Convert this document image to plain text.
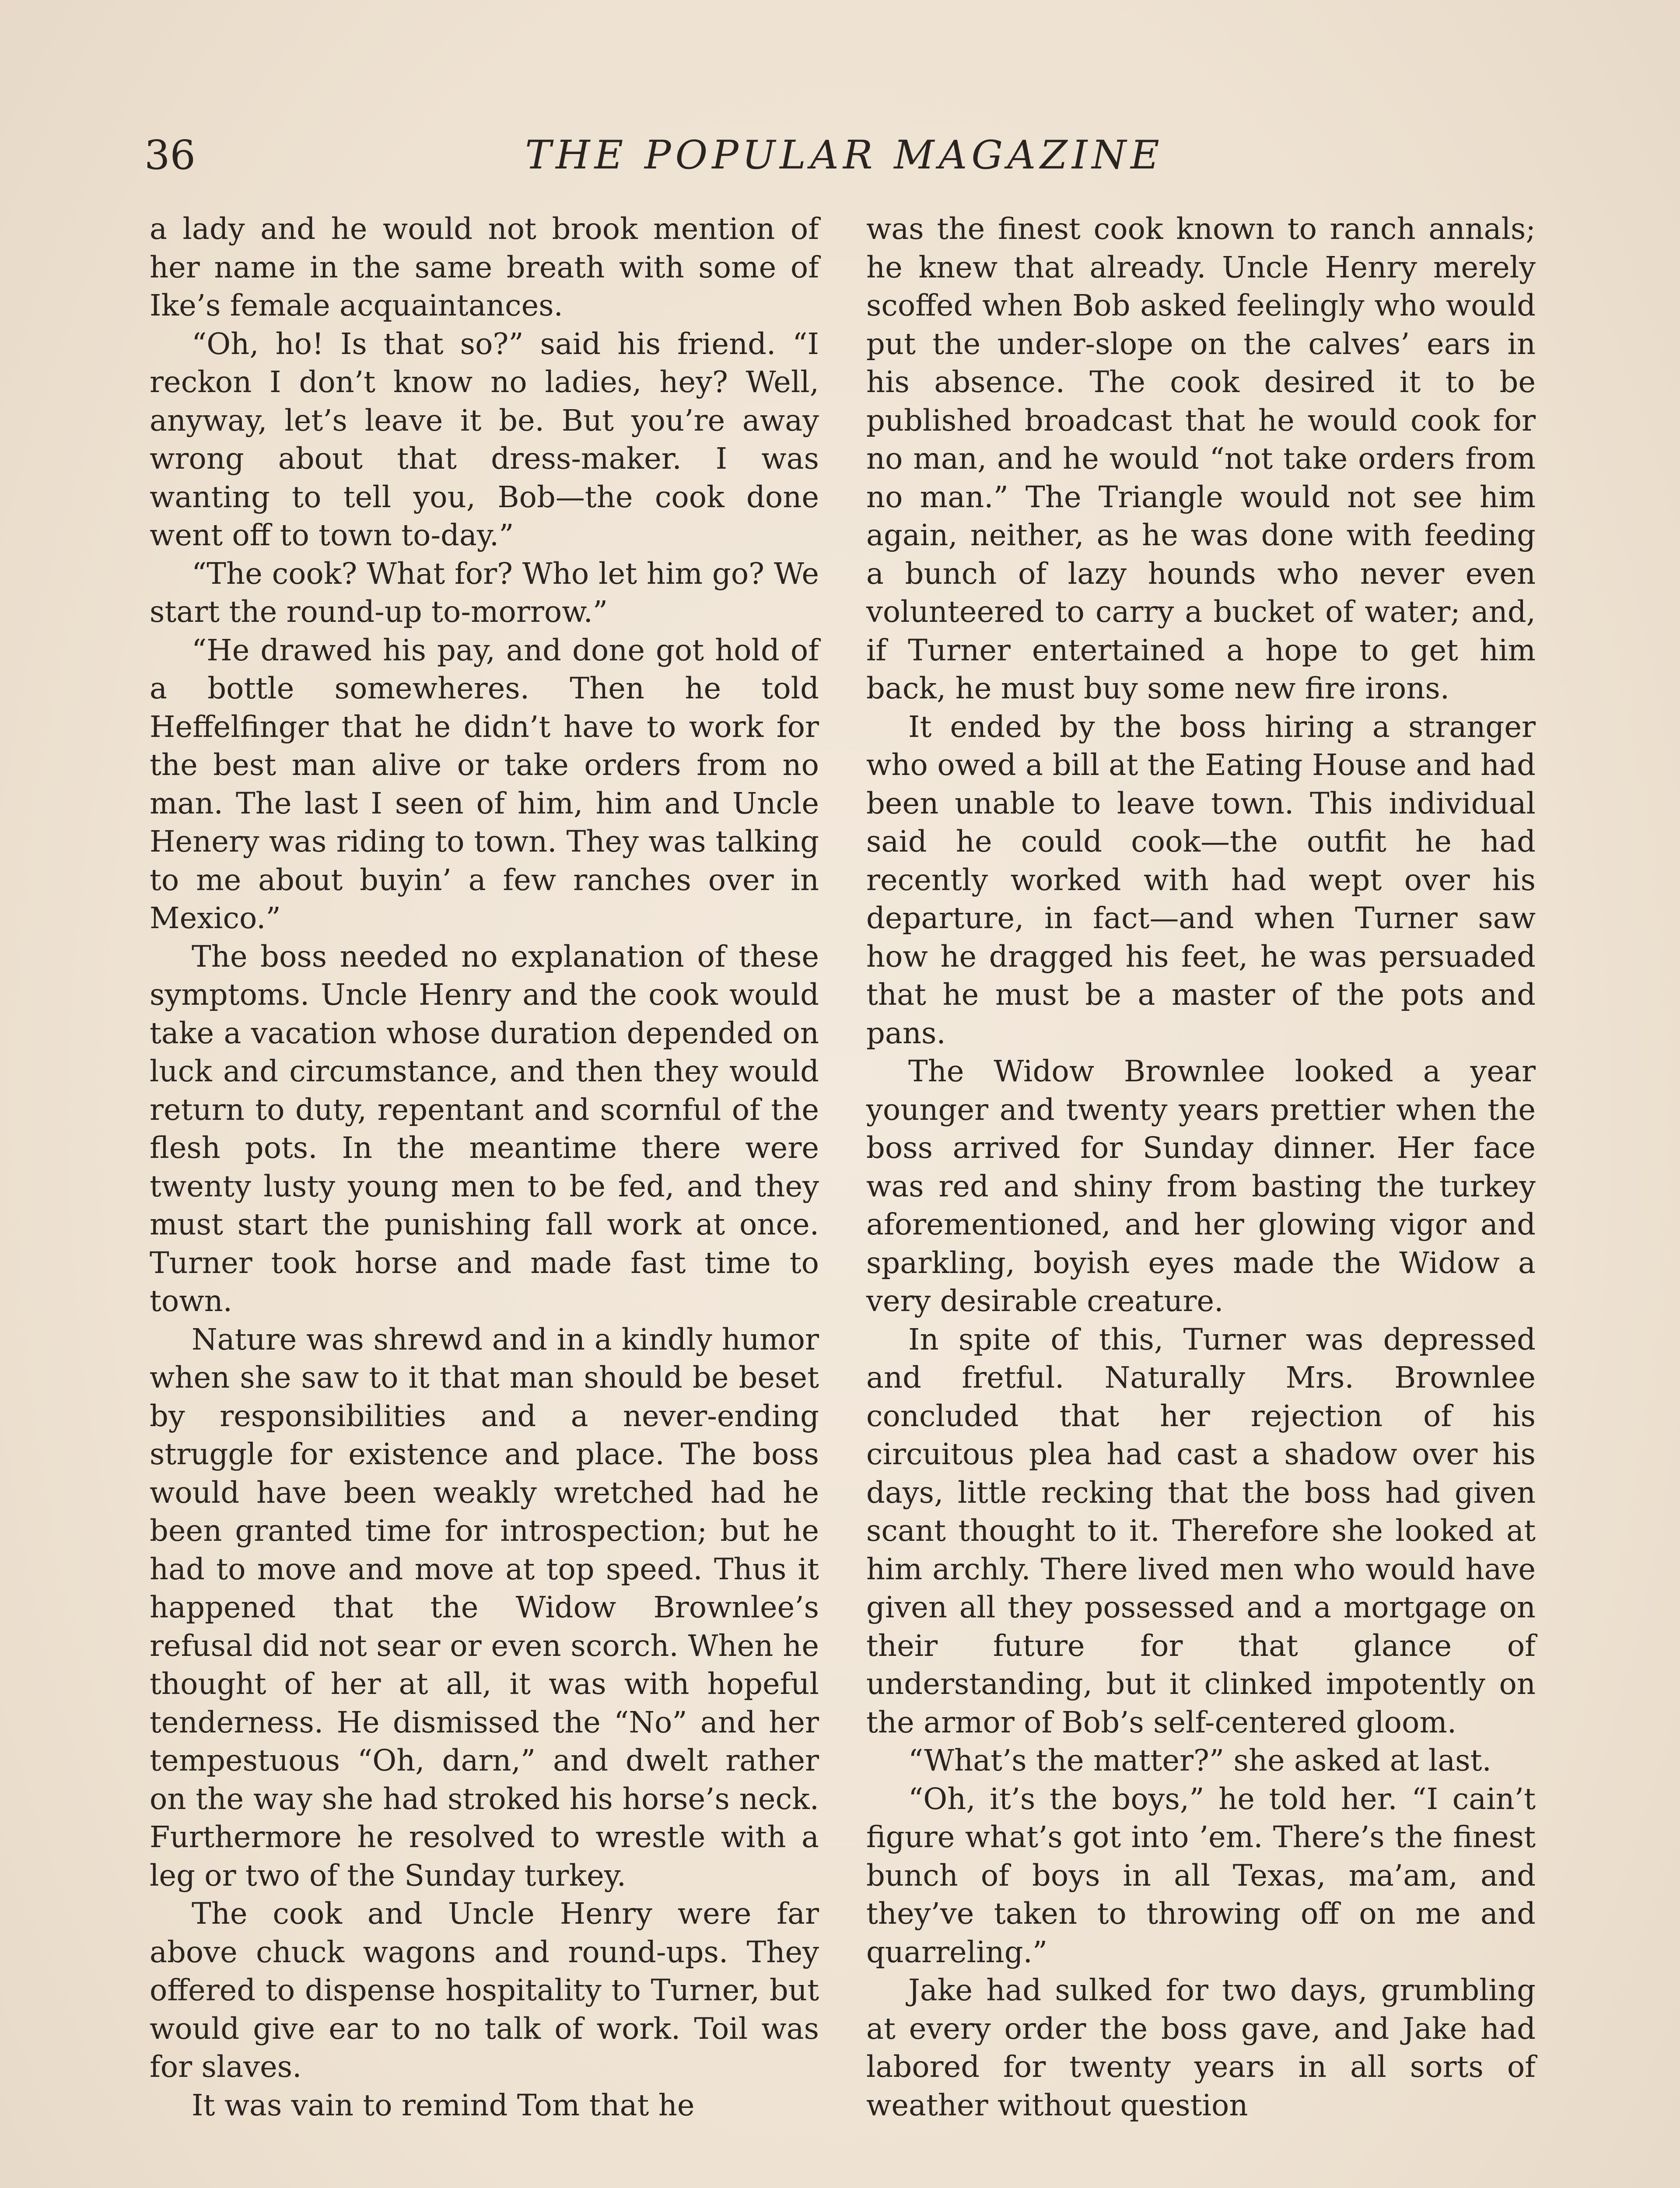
36	THE POPULAR MAGAZINE

a lady and he would not brook mention of her name in the same breath with some of Ike’s female acquaintances.

“Oh, ho! Is that so?” said his friend. “I reckon I don’t know no ladies, hey? Well, anyway, let’s leave it be. But you’re away wrong about that dress-maker. I was wanting to tell you, Bob—the cook done went off to town to-day.”

“The cook? What for? Who let him go? We start the round-up to-morrow.”

“He drawed his pay, and done got hold of a bottle somewheres. Then he told Heffelfinger that he didn’t have to work for the best man alive or take orders from no man. The last I seen of him, him and Uncle Henery was riding to town. They was talking to me about buyin’ a few ranches over in Mexico.”

The boss needed no explanation of these symptoms. Uncle Henry and the cook would take a vacation whose duration depended on luck and circumstance, and then they would return to duty, repentant and scornful of the flesh pots. In the meantime there were twenty lusty young men to be fed, and they must start the punishing fall work at once. Turner took horse and made fast time to town.

Nature was shrewd and in a kindly humor when she saw to it that man should be beset by responsibilities and a never-ending struggle for existence and place. The boss would have been weakly wretched had he been granted time for introspection; but he had to move and move at top speed. Thus it happened that the Widow Brownlee’s refusal did not sear or even scorch. When he thought of her at all, it was with hopeful tenderness. He dismissed the “No” and her tempestuous “Oh, darn,” and dwelt rather on the way she had stroked his horse’s neck. Furthermore he resolved to wrestle with a leg or two of the Sunday turkey.

The cook and Uncle Henry were far above chuck wagons and round-ups. They offered to dispense hospitality to Turner, but would give ear to no talk of work. Toil was for slaves.

It was vain to remind Tom that he

was the finest cook known to ranch annals; he knew that already. Uncle Henry merely scoffed when Bob asked feelingly who would put the under-slope on the calves’ ears in his absence. The cook desired it to be published broadcast that he would cook for no man, and he would “not take orders from no man.” The Triangle would not see him again, neither, as he was done with feeding a bunch of lazy hounds who never even volunteered to carry a bucket of water; and, if Turner entertained a hope to get him back, he must buy some new fire irons.

It ended by the boss hiring a stranger who owed a bill at the Eating House and had been unable to leave town. This individual said he could cook—the outfit he had recently worked with had wept over his departure, in fact—and when Turner saw how he dragged his feet, he was persuaded that he must be a master of the pots and pans.

The Widow Brownlee looked a year younger and twenty years prettier when the boss arrived for Sunday dinner. Her face was red and shiny from basting the turkey aforementioned, and her glowing vigor and sparkling, boyish eyes made the Widow a very desirable creature.

In spite of this, Turner was depressed and fretful. Naturally Mrs. Brownlee concluded that her rejection of his circuitous plea had cast a shadow over his days, little recking that the boss had given scant thought to it. Therefore she looked at him archly. There lived men who would have given all they possessed and a mortgage on their future for that glance of understanding, but it clinked impotently on the armor of Bob’s self-centered gloom.

“What’s the matter?” she asked at last.

“Oh, it’s the boys,” he told her. “I cain’t figure what’s got into ’em. There’s the finest bunch of boys in all Texas, ma’am, and they’ve taken to throwing off on me and quarreling.”

Jake had sulked for two days, grumbling at every order the boss gave, and Jake had labored for twenty years in all sorts of weather without question
